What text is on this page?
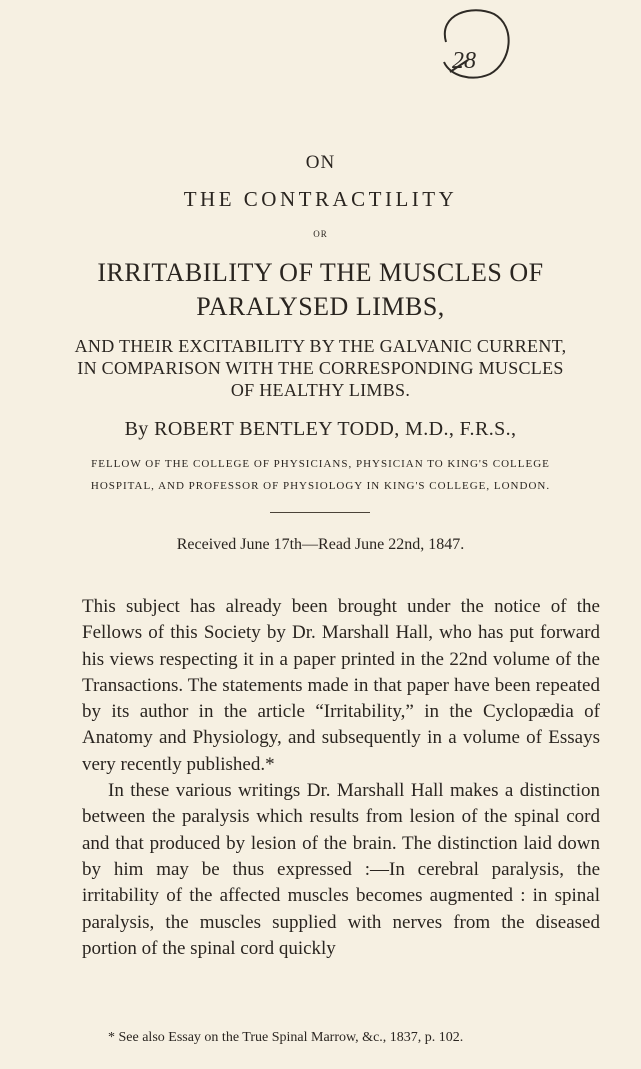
28
ON
THE CONTRACTILITY
OR
IRRITABILITY OF THE MUSCLES OF
PARALYSED LIMBS,
AND THEIR EXCITABILITY BY THE GALVANIC CURRENT,
IN COMPARISON WITH THE CORRESPONDING MUSCLES
OF HEALTHY LIMBS.
By ROBERT BENTLEY TODD, M.D., F.R.S.,
FELLOW OF THE COLLEGE OF PHYSICIANS, PHYSICIAN TO KING'S COLLEGE
HOSPITAL, AND PROFESSOR OF PHYSIOLOGY IN KING'S COLLEGE, LONDON.
Received June 17th—Read June 22nd, 1847.

This subject has already been brought under the notice of the Fellows of this Society by Dr. Marshall Hall, who has put forward his views respecting it in a paper printed in the 22nd volume of the Transactions. The statements made in that paper have been repeated by its author in the article “Irritability,” in the Cyclopædia of Anatomy and Physiology, and subsequently in a volume of Essays very recently published.*

In these various writings Dr. Marshall Hall makes a distinction between the paralysis which results from lesion of the spinal cord and that produced by lesion of the brain. The distinction laid down by him may be thus expressed :—In cerebral paralysis, the irritability of the affected muscles becomes augmented : in spinal paralysis, the muscles supplied with nerves from the diseased portion of the spinal cord quickly

* See also Essay on the True Spinal Marrow, &c., 1837, p. 102.
